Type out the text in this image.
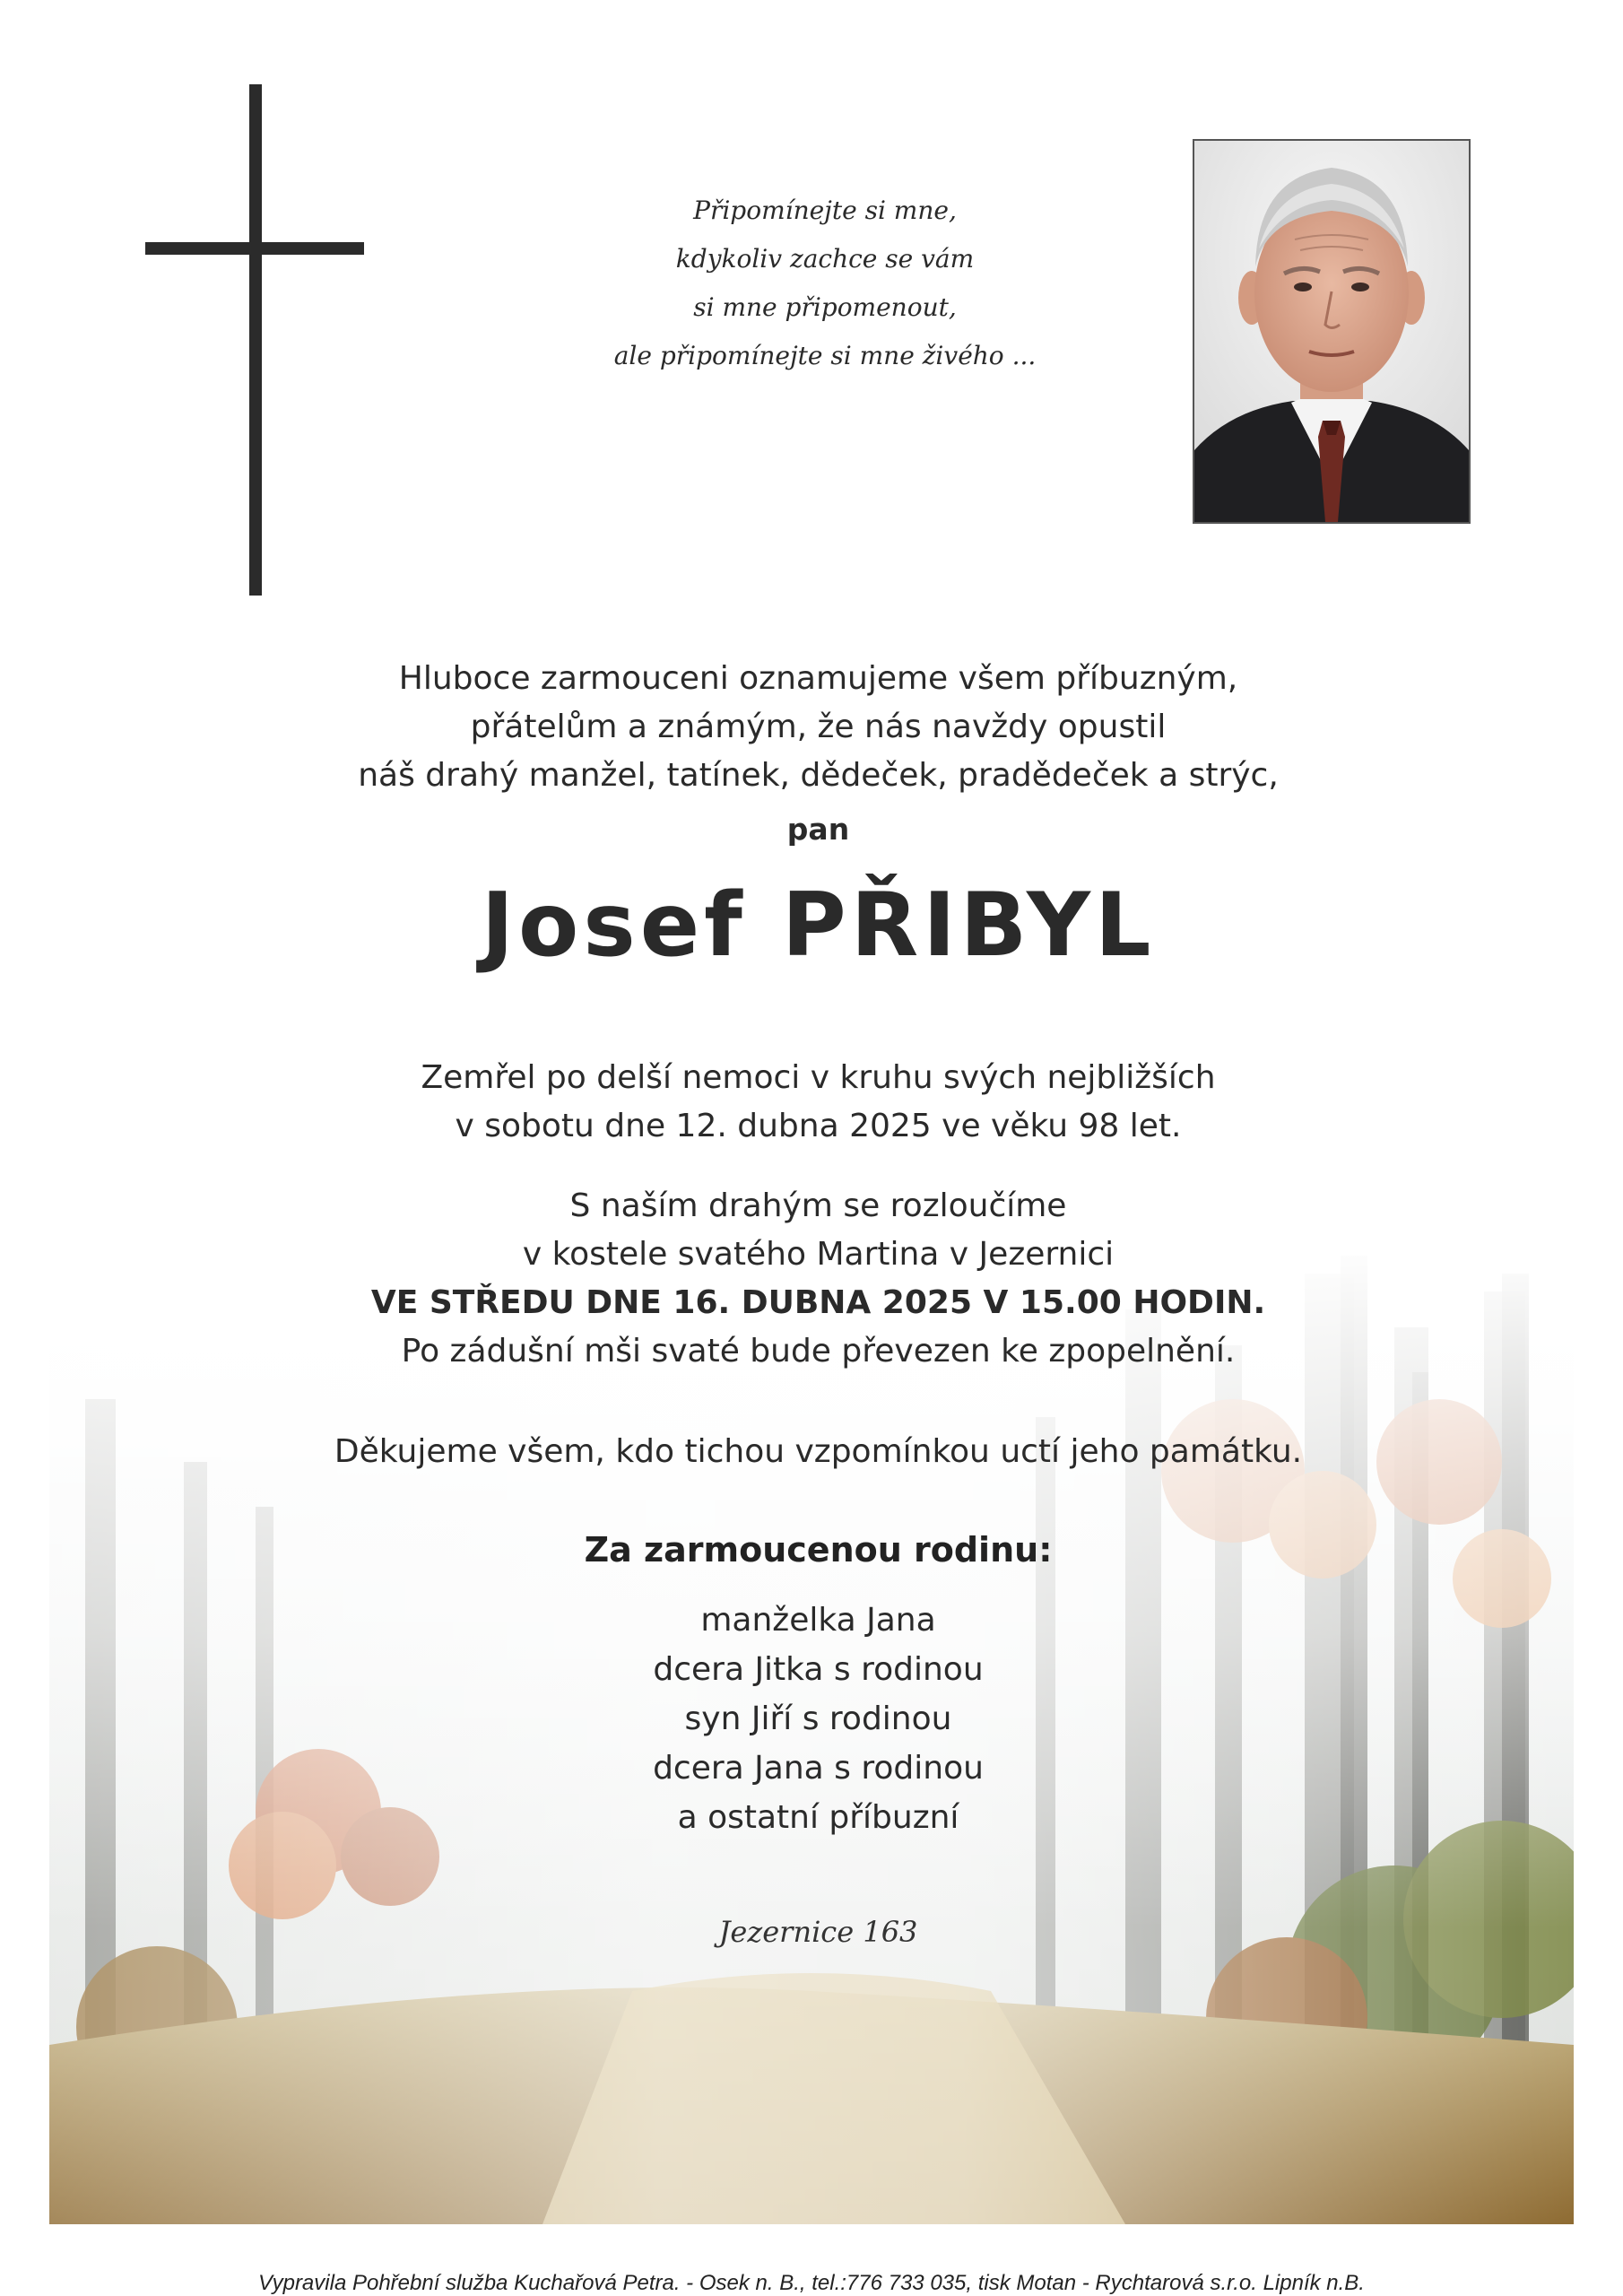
Připomínejte si mne,
kdykoliv zachce se vám
si mne připomenout,
ale připomínejte si mne živého ...
Hluboce zarmouceni oznamujeme všem příbuzným,
přátelům a známým, že nás navždy opustil
náš drahý manžel, tatínek, dědeček, pradědeček a strýc,
pan
Josef PŘIBYL
Zemřel po delší nemoci v kruhu svých nejbližších
v sobotu dne 12. dubna 2025 ve věku 98 let.
S naším drahým se rozloučíme
v kostele svatého Martina v Jezernici
VE STŘEDU DNE 16. DUBNA 2025 V 15.00 HODIN.
Po zádušní mši svaté bude převezen ke zpopelnění.
Děkujeme všem, kdo tichou vzpomínkou uctí jeho památku.
Za zarmoucenou rodinu:
manželka Jana
dcera Jitka s rodinou
syn Jiří s rodinou
dcera Jana s rodinou
a ostatní příbuzní
Jezernice 163
Vypravila Pohřební služba Kuchařová Petra. - Osek n. B., tel.:776 733 035, tisk Motan - Rychtarová s.r.o. Lipník n.B.
